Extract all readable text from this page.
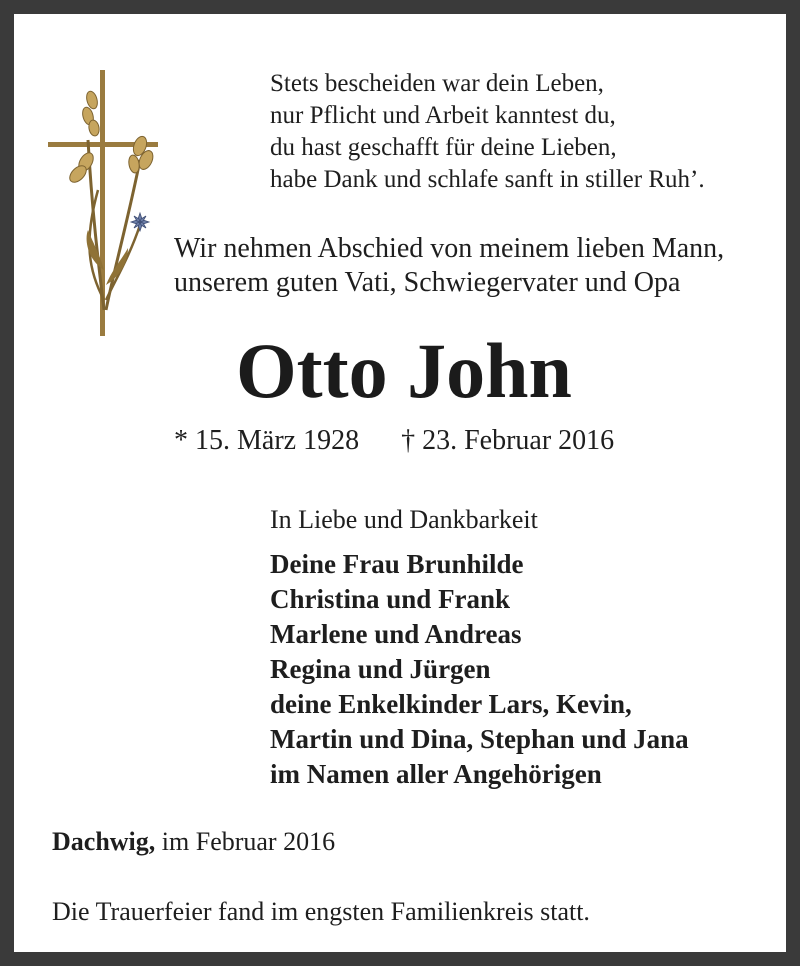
Stets bescheiden war dein Leben,
nur Pflicht und Arbeit kanntest du,
du hast geschafft für deine Lieben,
habe Dank und schlafe sanft in stiller Ruh’.
Wir nehmen Abschied von meinem lieben Mann,
unserem guten Vati, Schwiegervater und Opa
Otto John
* 15. März 1928 † 23. Februar 2016
In Liebe und Dankbarkeit
Deine Frau Brunhilde
Christina und Frank
Marlene und Andreas
Regina und Jürgen
deine Enkelkinder Lars, Kevin,
Martin und Dina, Stephan und Jana
im Namen aller Angehörigen
Dachwig, im Februar 2016
Die Trauerfeier fand im engsten Familienkreis statt.
